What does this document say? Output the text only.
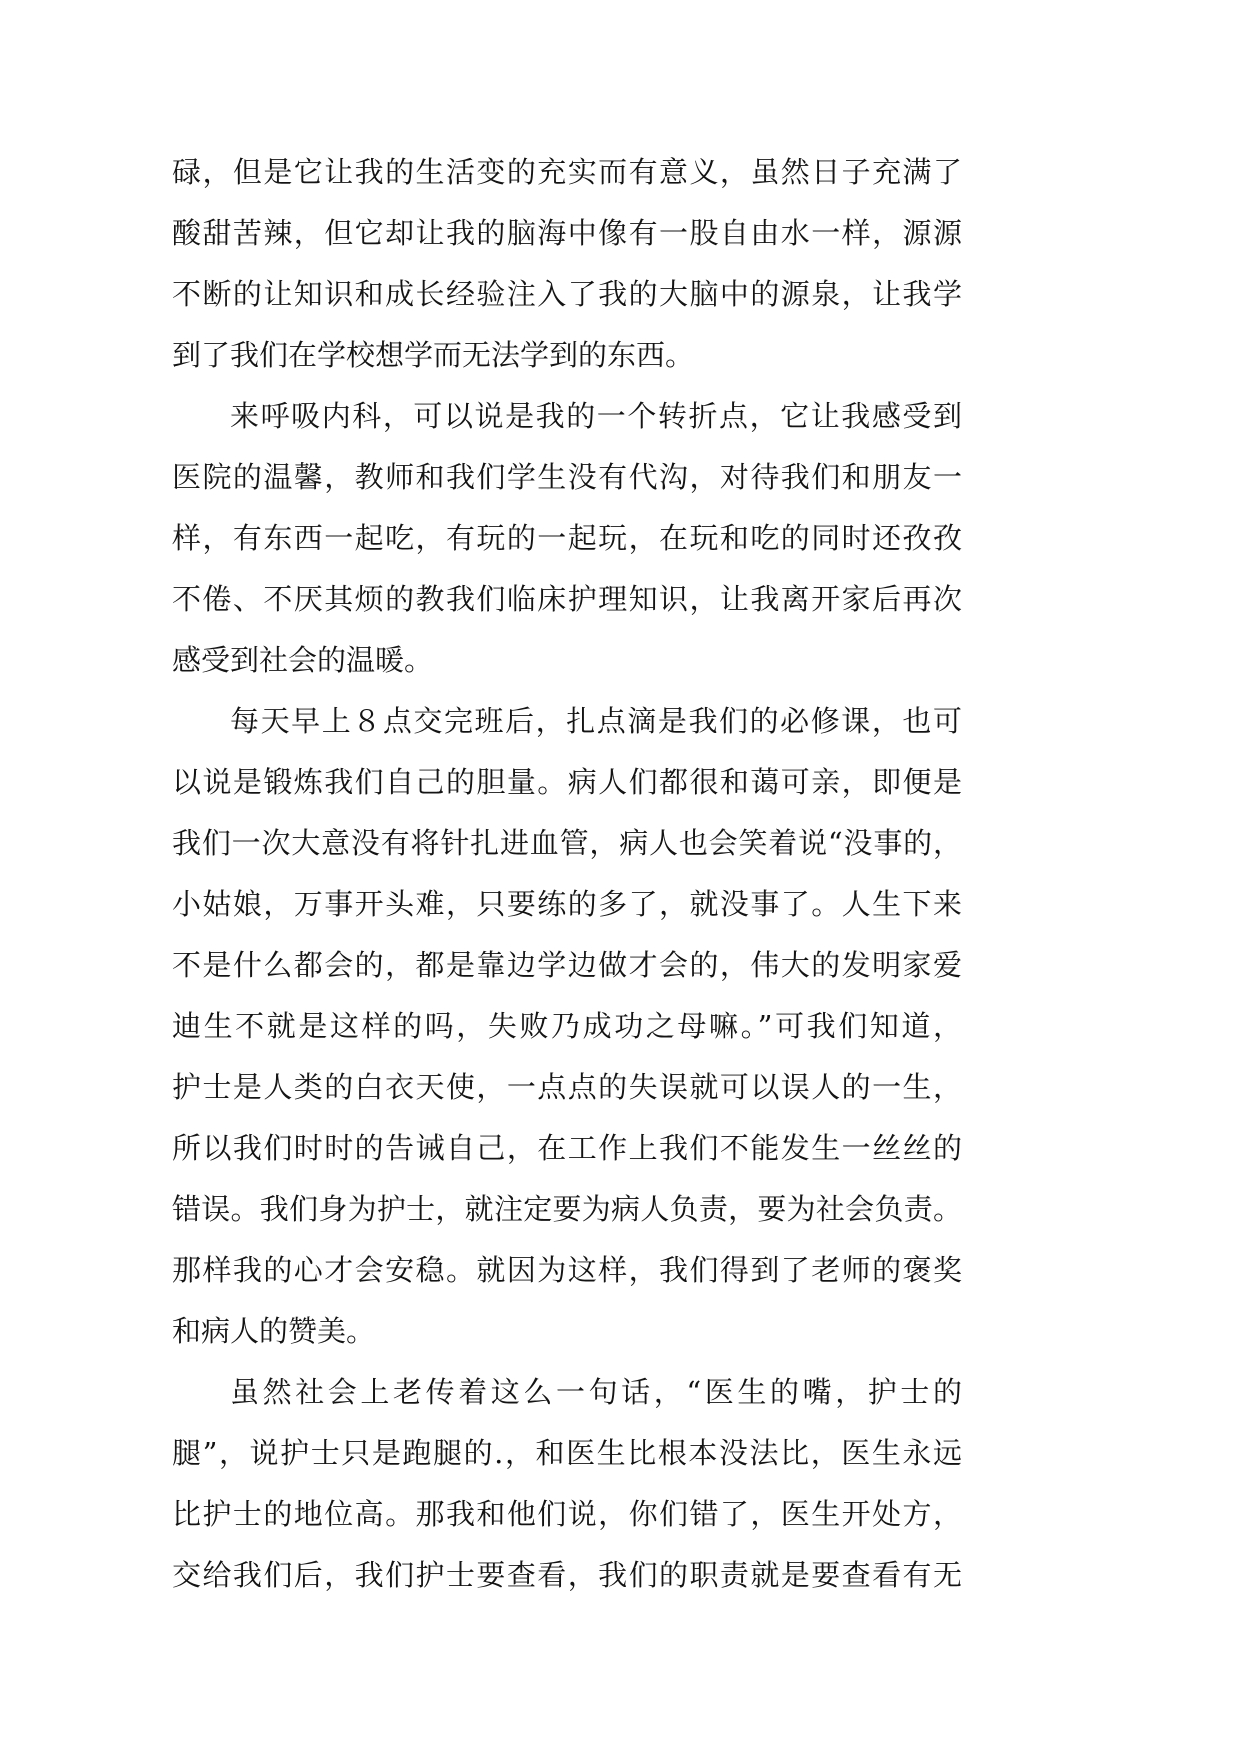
碌，但是它让我的生活变的充实而有意义，虽然日子充满了
酸甜苦辣，但它却让我的脑海中像有一股自由水一样，源源
不断的让知识和成长经验注入了我的大脑中的源泉，让我学
到了我们在学校想学而无法学到的东西。
来呼吸内科，可以说是我的一个转折点，它让我感受到
医院的温馨，教师和我们学生没有代沟，对待我们和朋友一
样，有东西一起吃，有玩的一起玩，在玩和吃的同时还孜孜
不倦、不厌其烦的教我们临床护理知识，让我离开家后再次
感受到社会的温暖。
每天早上８点交完班后，扎点滴是我们的必修课，也可
以说是锻炼我们自己的胆量。病人们都很和蔼可亲，即便是
我们一次大意没有将针扎进血管，病人也会笑着说“没事的，
小姑娘，万事开头难，只要练的多了，就没事了。人生下来
不是什么都会的，都是靠边学边做才会的，伟大的发明家爱
迪生不就是这样的吗，失败乃成功之母嘛。”可我们知道，
护士是人类的白衣天使，一点点的失误就可以误人的一生，
所以我们时时的告诫自己，在工作上我们不能发生一丝丝的
错误。我们身为护士，就注定要为病人负责，要为社会负责。
那样我的心才会安稳。就因为这样，我们得到了老师的褒奖
和病人的赞美。
虽然社会上老传着这么一句话，“医生的嘴，护士的
腿”，说护士只是跑腿的.，和医生比根本没法比，医生永远
比护士的地位高。那我和他们说，你们错了，医生开处方，
交给我们后，我们护士要查看，我们的职责就是要查看有无
